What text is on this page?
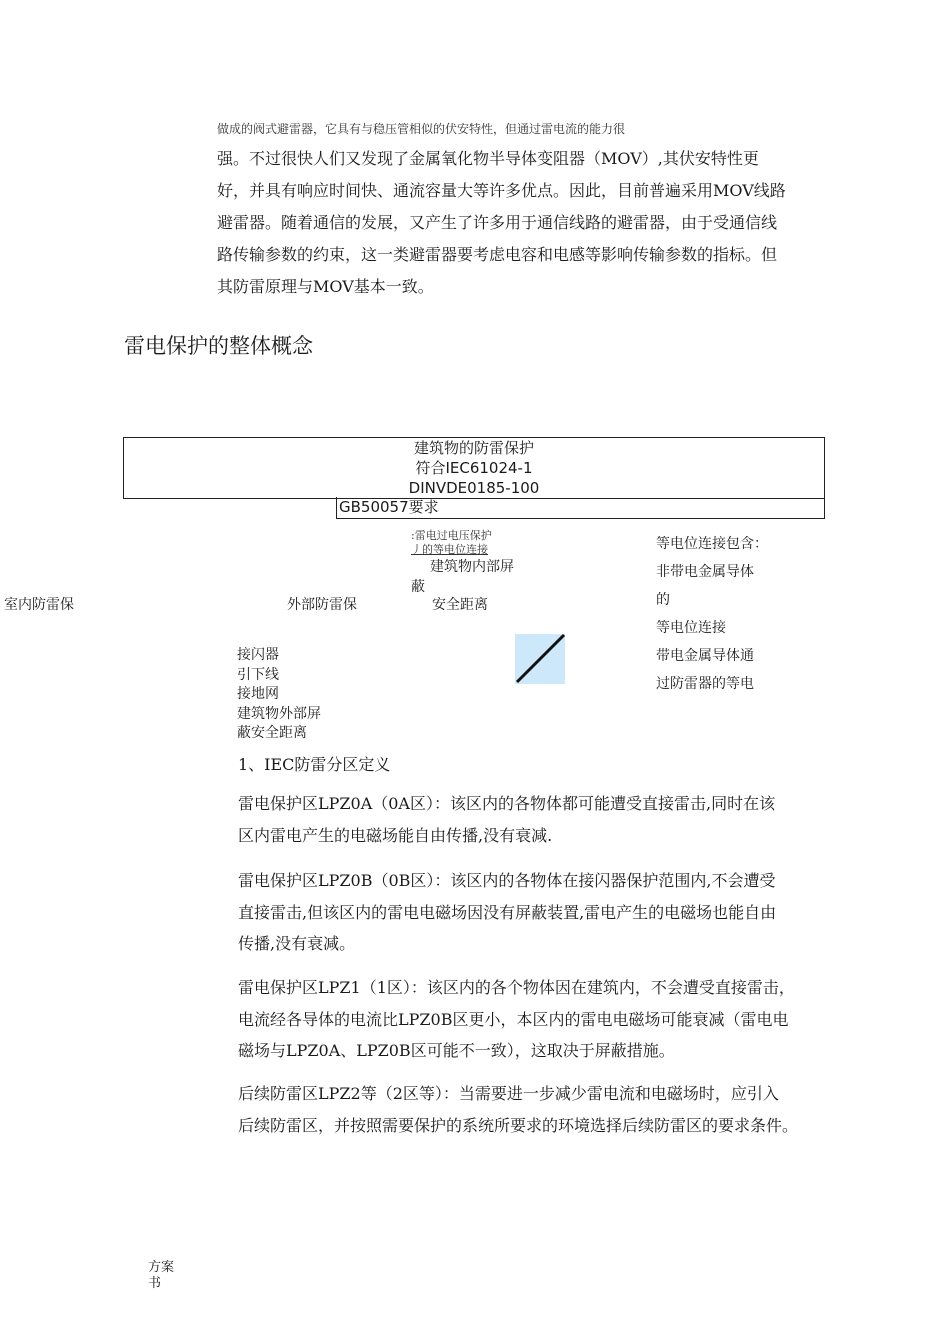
做成的阀式避雷器，它具有与稳压管相似的伏安特性，但通过雷电流的能力很

强。不过很快人们又发现了金属氧化物半导体变阻器（MOV）,其伏安特性更
好，并具有响应时间快、通流容量大等许多优点。因此，目前普遍采用MOV线路
避雷器。随着通信的发展，又产生了许多用于通信线路的避雷器，由于受通信线
路传输参数的约束，这一类避雷器要考虑电容和电感等影响传输参数的指标。但
其防雷原理与MOV基本一致。

雷电保护的整体概念
建筑物的防雷保护
符合IEC61024-1
DINVDE0185-100
GB50057要求
:雷电过电压保护
丿的等电位连接
建筑物内部屏
蔽
室内防雷保	外部防雷保	安全距离
等电位连接包含：
非带电金属导体
的
等电位连接
带电金属导体通
过防雷器的等电
接闪器
引下线
接地网
建筑物外部屏
蔽安全距离
1、IEC防雷分区定义

雷电保护区LPZ0A（0A区）：该区内的各物体都可能遭受直接雷击,同时在该
区内雷电产生的电磁场能自由传播,没有衰减.

雷电保护区LPZ0B（0B区）：该区内的各物体在接闪器保护范围内,不会遭受
直接雷击,但该区内的雷电电磁场因没有屏蔽装置,雷电产生的电磁场也能自由
传播,没有衰减。

雷电保护区LPZ1（1区）：该区内的各个物体因在建筑内，不会遭受直接雷击，
电流经各导体的电流比LPZ0B区更小，本区内的雷电电磁场可能衰减（雷电电
磁场与LPZ0A、LPZ0B区可能不一致），这取决于屏蔽措施。

后续防雷区LPZ2等（2区等）：当需要进一步减少雷电流和电磁场时，应引入
后续防雷区，并按照需要保护的系统所要求的环境选择后续防雷区的要求条件。

方案
书
